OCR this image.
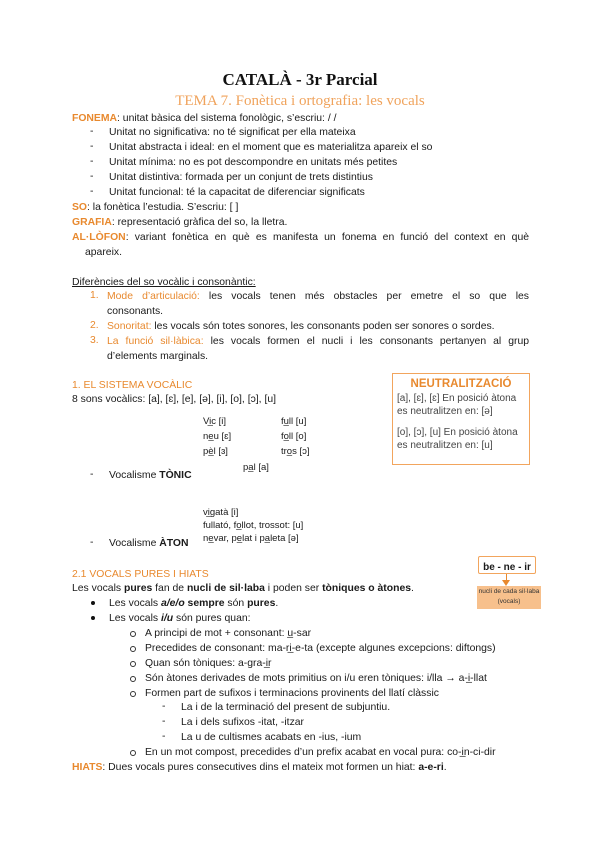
CATALÀ - 3r Parcial
TEMA 7. Fonètica i ortografia: les vocals
FONEMA: unitat bàsica del sistema fonològic, s’escriu: / /
- Unitat no significativa: no té significat per ella mateixa
- Unitat abstracta i ideal: en el moment que es materialitza apareix el so
- Unitat mínima: no es pot descompondre en unitats més petites
- Unitat distintiva: formada per un conjunt de trets distintius
- Unitat funcional: té la capacitat de diferenciar significats
SO: la fonètica l’estudia. S’escriu: [ ]
GRAFIA: representació gràfica del so, la lletra.
AL·LÒFON: variant fonètica en què es manifesta un fonema en funció del context en què
apareix.
Diferències del so vocàlic i consonàntic:
1. Mode d’articulació: les vocals tenen més obstacles per emetre el so que les
consonants.
2. Sonoritat: les vocals són totes sonores, les consonants poden ser sonores o sordes.
3. La funció sil·làbica: les vocals formen el nucli i les consonants pertanyen al grup
d’elements marginals.
1. EL SISTEMA VOCÀLIC
8 sons vocàlics: [a], [ɛ], [e], [ə], [i], [o], [ɔ], [u]
Vi̲c [i]
ne̲u [ɛ]
pè̲l [ɜ]
fu̲ll [u]
fo̲ll [o]
tro̲s [ɔ]
pa̲l [a]
- Vocalisme TÒNIC
vi̲gatà [i]
fullató, fo̲llot, trossot: [u]
ne̲var, pe̲lat i pa̲leta [ə]
- Vocalisme ÀTON
NEUTRALITZACIÓ

[a], [ɛ], [ɛ] En posició àtona es neutralitzen en: [ə]

[o], [ɔ], [u] En posició àtona es neutralitzen en: [u]

2.1 VOCALS PURES I HIATS
Les vocals pures fan de nucli de sil·laba i poden ser tòniques o àtones.
Les vocals a/e/o sempre són pures.
Les vocals i/u són pures quan:
A principi de mot + consonant: u̲-sar
Precedides de consonant: ma-ri̲-e-ta (excepte algunes excepcions: diftongs)
Quan són tòniques: a-gra-i̲r
Són àtones derivades de mots primitius on i/u eren tòniques: i/lla → a-i̲-llat
Formen part de sufixos i terminacions provinents del llatí clàssic
- La i de la terminació del present de subjuntiu.
- La i dels sufixos -itat, -itzar
- La u de cultismes acabats en -ius, -ium
En un mot compost, precedides d’un prefix acabat en vocal pura: co-i̲n-ci-dir
HIATS: Dues vocals pures consecutives dins el mateix mot formen un hiat: a-e-ri.
be - ne - ir
nucli de cada sil·laba
(vocals)
